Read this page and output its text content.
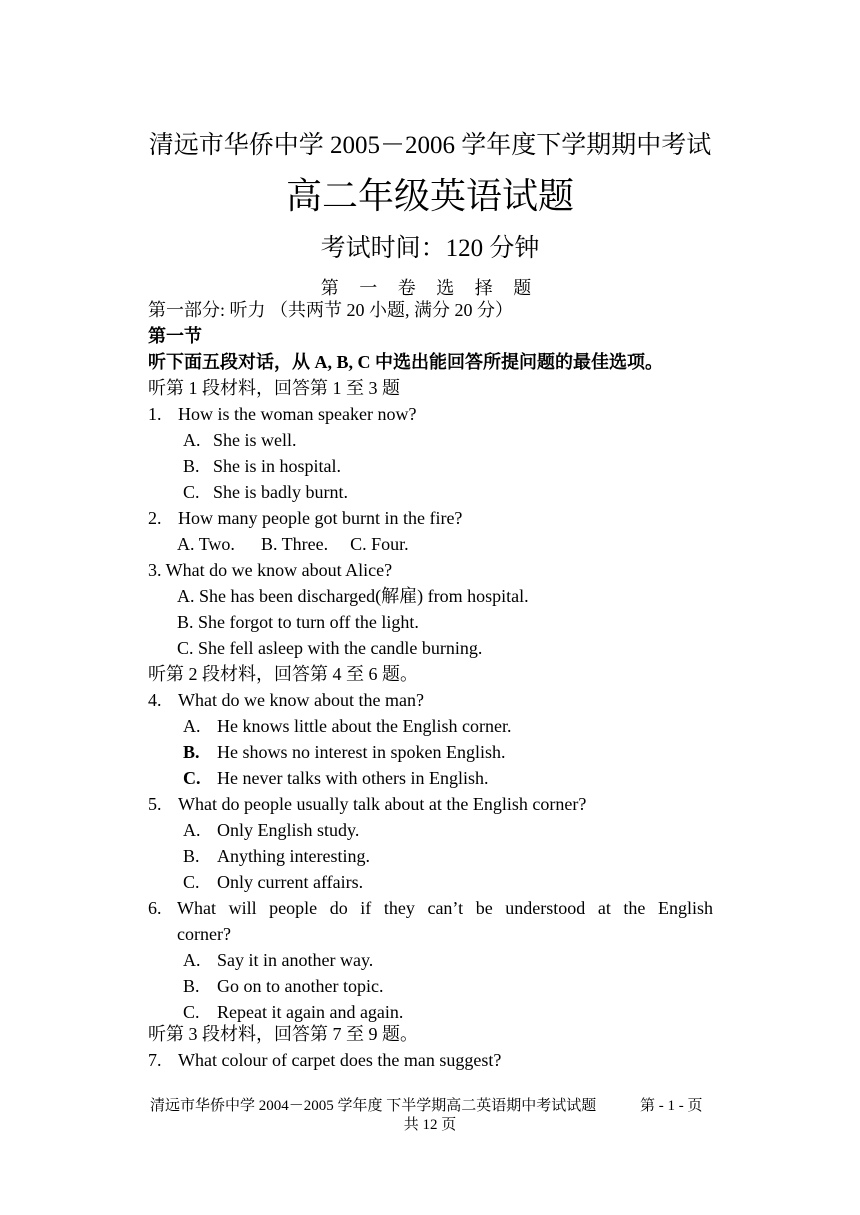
清远市华侨中学 2005－2006 学年度下学期期中考试
高二年级英语试题
考试时间：120 分钟
第 一 卷 选 择 题
第一部分: 听力 （共两节 20 小题, 满分 20 分）
第一节
听下面五段对话，从 A, B, C 中选出能回答所提问题的最佳选项。
听第 1 段材料，回答第 1 至 3 题
1. How is the woman speaker now?
A. She is well.
B. She is in hospital.
C. She is badly burnt.
2. How many people got burnt in the fire?
A. Two. B. Three. C. Four.
3. What do we know about Alice?
A. She has been discharged(解雇) from hospital.
B. She forgot to turn off the light.
C. She fell asleep with the candle burning.
听第 2 段材料，回答第 4 至 6 题。
4. What do we know about the man?
A. He knows little about the English corner.
B. He shows no interest in spoken English.
C. He never talks with others in English.
5. What do people usually talk about at the English corner?
A. Only English study.
B. Anything interesting.
C. Only current affairs.
6. What will people do if they can’t be understood at the English
corner?
A. Say it in another way.
B. Go on to another topic.
C. Repeat it again and again.
听第 3 段材料，回答第 7 至 9 题。
7. What colour of carpet does the man suggest?
清远市华侨中学 2004－2005 学年度 下半学期高二英语期中考试试题	第 - 1 - 页
共 12 页
